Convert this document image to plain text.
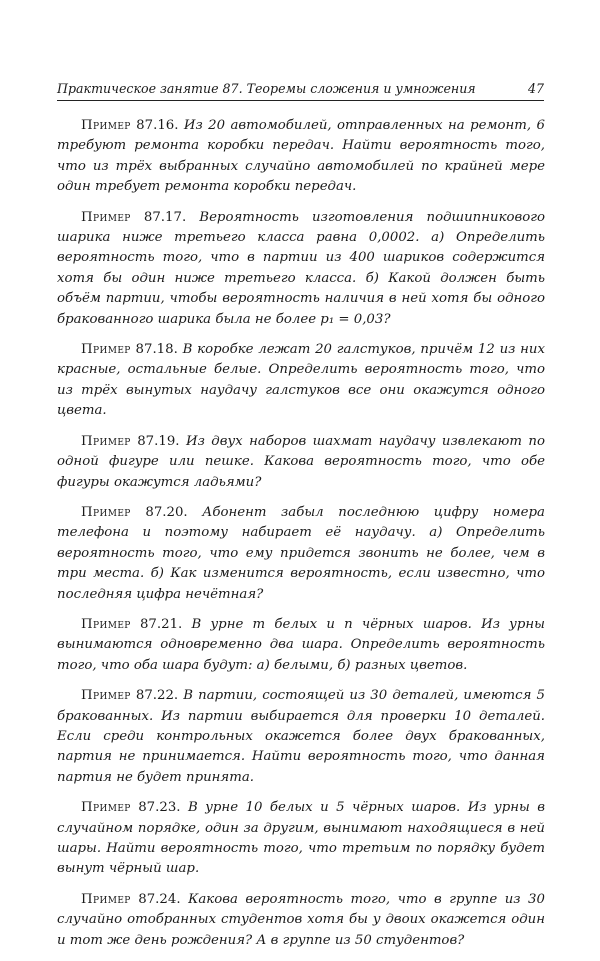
Практическое занятие 87. Теоремы сложения и умножения	47

Пример 87.16. Из 20 автомобилей, отправленных на ремонт, 6 требуют ремонта коробки передач. Найти вероятность того, что из трёх выбранных случайно автомобилей по крайней мере один требует ремонта коробки передач.

Пример 87.17. Вероятность изготовления подшипникового шарика ниже третьего класса равна 0,0002. а) Определить вероятность того, что в партии из 400 шариков содержится хотя бы один ниже третьего класса. б) Какой должен быть объём партии, чтобы вероятность наличия в ней хотя бы одного бракованного шарика была не более p₁ = 0,03?

Пример 87.18. В коробке лежат 20 галстуков, причём 12 из них красные, остальные белые. Определить вероятность того, что из трёх вынутых наудачу галстуков все они окажутся одного цвета.

Пример 87.19. Из двух наборов шахмат наудачу извлекают по одной фигуре или пешке. Какова вероятность того, что обе фигуры окажутся ладьями?

Пример 87.20. Абонент забыл последнюю цифру номера телефона и поэтому набирает её наудачу. а) Определить вероятность того, что ему придется звонить не более, чем в три места. б) Как изменится вероятность, если известно, что последняя цифра нечётная?

Пример 87.21. В урне m белых и n чёрных шаров. Из урны вынимаются одновременно два шара. Определить вероятность того, что оба шара будут: а) белыми, б) разных цветов.

Пример 87.22. В партии, состоящей из 30 деталей, имеются 5 бракованных. Из партии выбирается для проверки 10 деталей. Если среди контрольных окажется более двух бракованных, партия не принимается. Найти вероятность того, что данная партия не будет принята.

Пример 87.23. В урне 10 белых и 5 чёрных шаров. Из урны в случайном порядке, один за другим, вынимают находящиеся в ней шары. Найти вероятность того, что третьим по порядку будет вынут чёрный шар.

Пример 87.24. Какова вероятность того, что в группе из 30 случайно отобранных студентов хотя бы у двоих окажется один и тот же день рождения? А в группе из 50 студентов?
